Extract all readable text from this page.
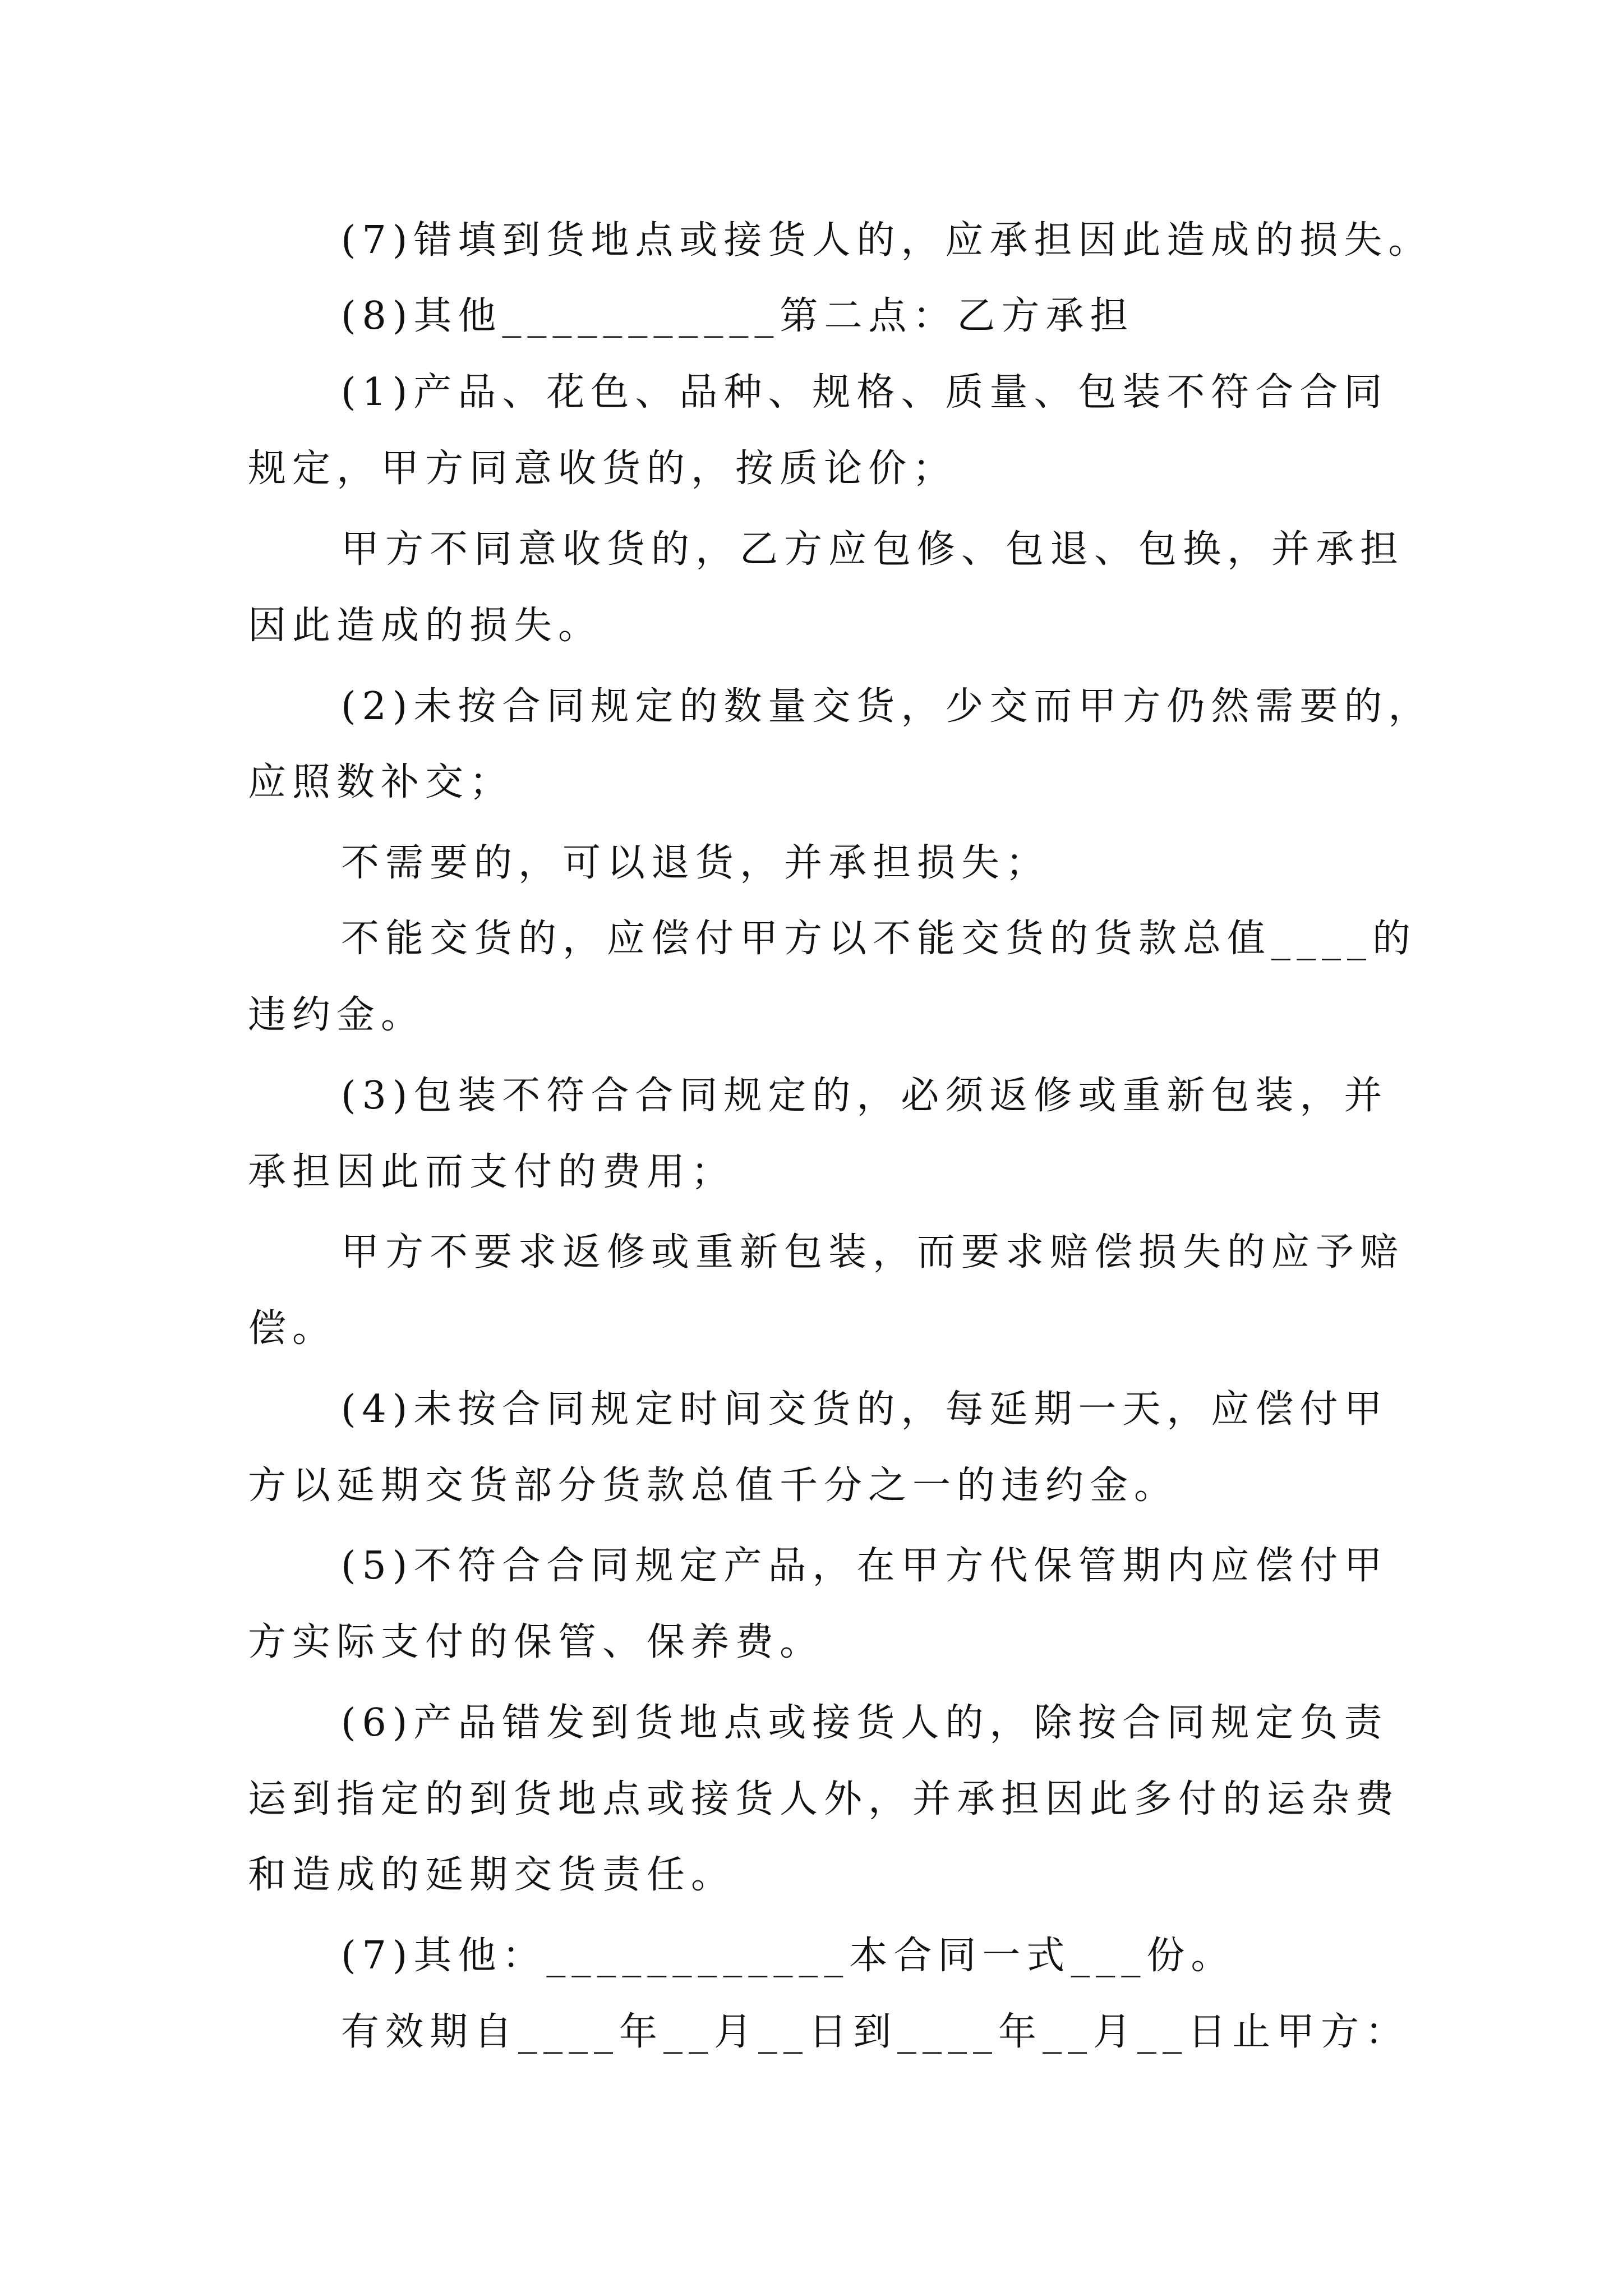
(7)错填到货地点或接货人的，应承担因此造成的损失。
(8)其他___________第二点：乙方承担
(1)产品、花色、品种、规格、质量、包装不符合合同
规定，甲方同意收货的，按质论价；
甲方不同意收货的，乙方应包修、包退、包换，并承担
因此造成的损失。
(2)未按合同规定的数量交货，少交而甲方仍然需要的，
应照数补交；
不需要的，可以退货，并承担损失；
不能交货的，应偿付甲方以不能交货的货款总值____的
违约金。
(3)包装不符合合同规定的，必须返修或重新包装，并
承担因此而支付的费用；
甲方不要求返修或重新包装，而要求赔偿损失的应予赔
偿。
(4)未按合同规定时间交货的，每延期一天，应偿付甲
方以延期交货部分货款总值千分之一的违约金。
(5)不符合合同规定产品，在甲方代保管期内应偿付甲
方实际支付的保管、保养费。
(6)产品错发到货地点或接货人的，除按合同规定负责
运到指定的到货地点或接货人外，并承担因此多付的运杂费
和造成的延期交货责任。
(7)其他：____________本合同一式___份。
有效期自____年__月__日到____年__月__日止甲方：
